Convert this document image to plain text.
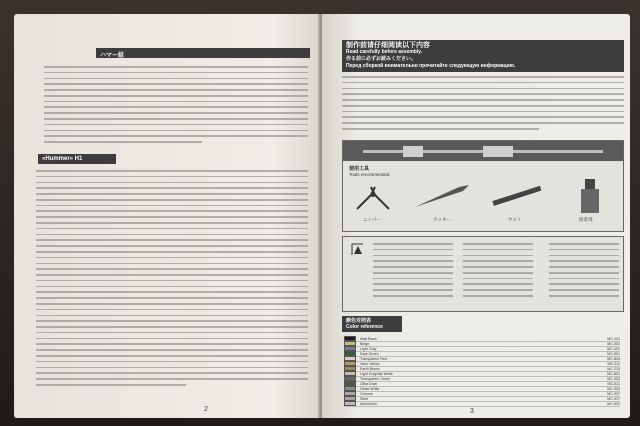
ハマー組
«Hummer» H1
2
制作前请仔细阅读以下内容
Read carefully before assembly.
作る前に必ずお読みください。
Перед сборкой внимательно прочитайте следующую информацию.
使用工具
Tools recommended
ニッパー	カッター	ヤスリ	接着剤
颜色对照表
Color reference
Matt Black	MC-101
Beige	MC-002
Light Gray	MC-401
Dark Green	MC-501
Transparent Red	MC-803
Sand Yellow	MC-211
Earth Brown	MC-215
Light Graphite White	MC-601
Transparent Green	MC-903
Olive Drab	MC-511
Gloss White	MC-904
Chrome	MC-907
Steel	MC-917
Aluminium	MC-921
3
